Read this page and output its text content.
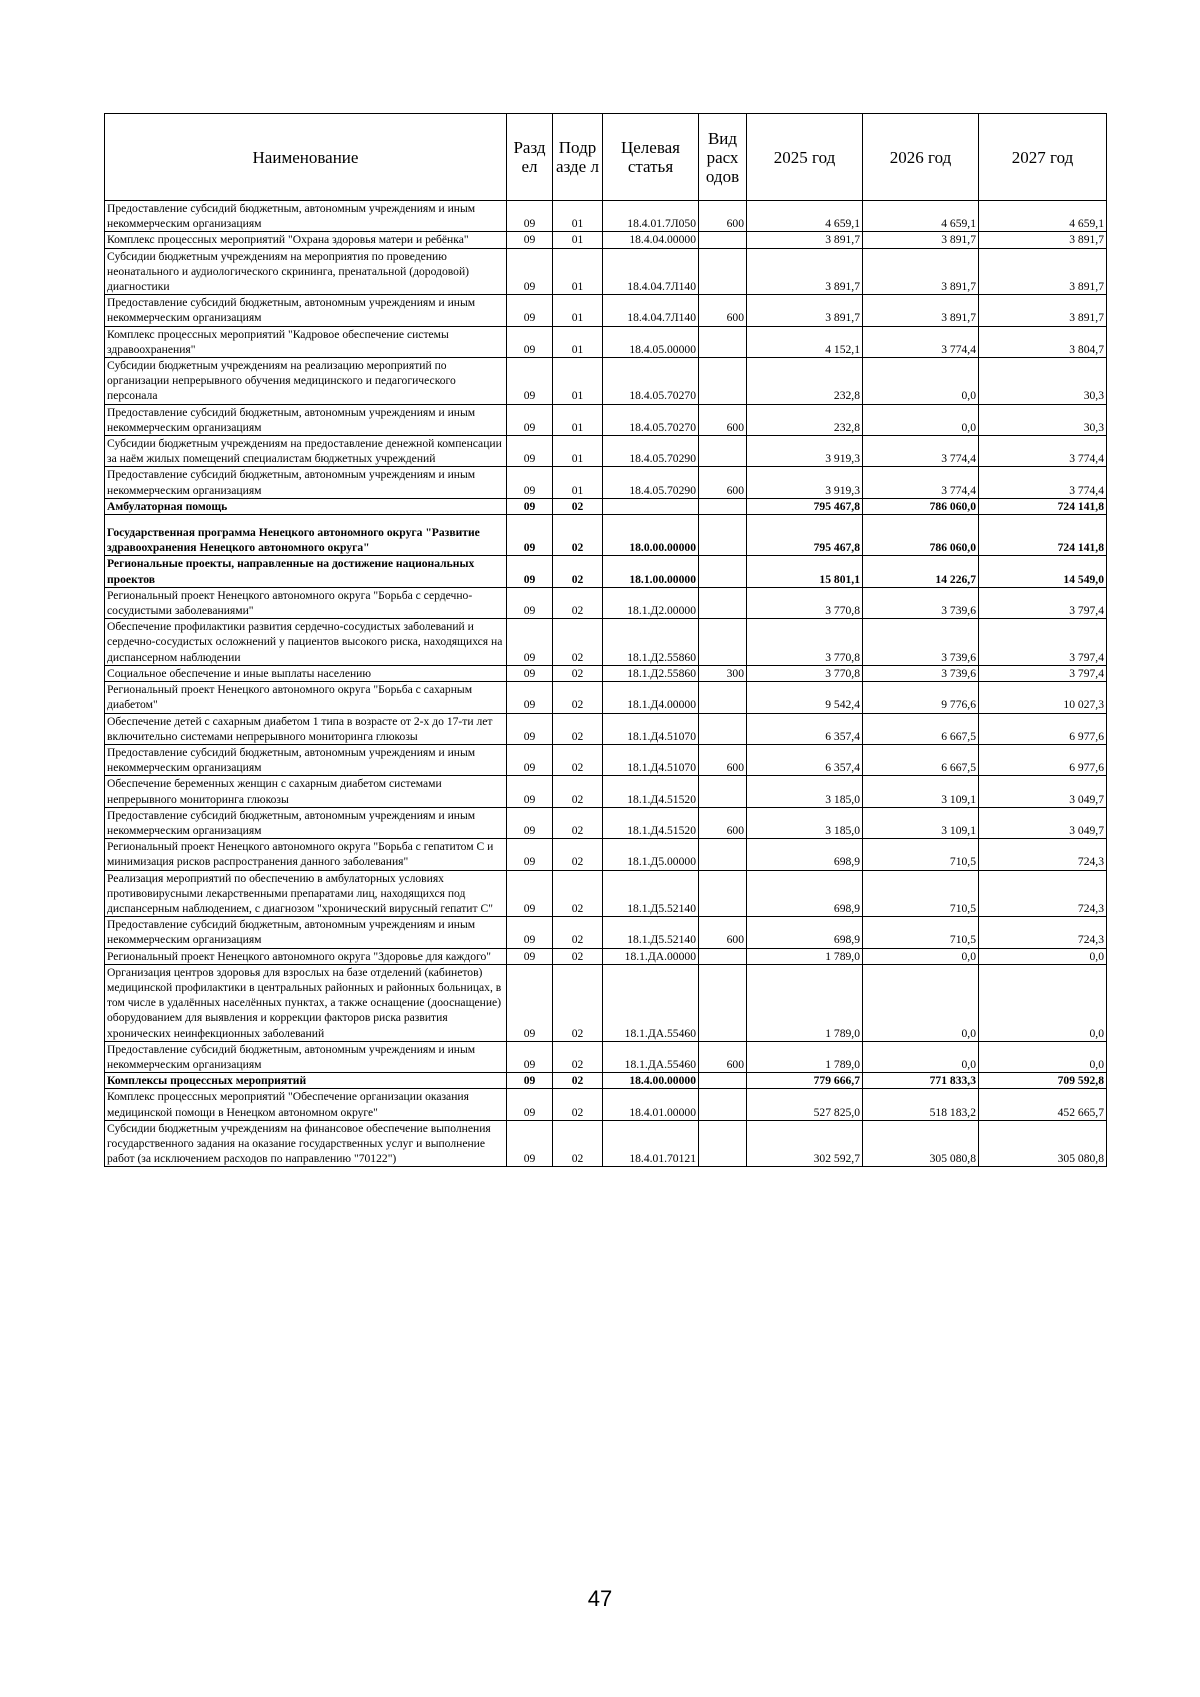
Наименование	Разд ел	Подр азде л	Целевая статья	Вид расх одов	2025 год	2026 год	2027 год
Предоставление субсидий бюджетным, автономным учреждениям и иным некоммерческим организациям	09	01	18.4.01.7Л050	600	4 659,1	4 659,1	4 659,1
Комплекс процессных мероприятий "Охрана здоровья матери и ребёнка"	09	01	18.4.04.00000		3 891,7	3 891,7	3 891,7
Субсидии бюджетным учреждениям на мероприятия по проведению неонатального и аудиологического скрининга, пренатальной (дородовой) диагностики	09	01	18.4.04.7Л140		3 891,7	3 891,7	3 891,7
Предоставление субсидий бюджетным, автономным учреждениям и иным некоммерческим организациям	09	01	18.4.04.7Л140	600	3 891,7	3 891,7	3 891,7
Комплекс процессных мероприятий "Кадровое обеспечение системы здравоохранения"	09	01	18.4.05.00000		4 152,1	3 774,4	3 804,7
Субсидии бюджетным учреждениям на реализацию мероприятий по организации непрерывного обучения медицинского и педагогического персонала	09	01	18.4.05.70270		232,8	0,0	30,3
Предоставление субсидий бюджетным, автономным учреждениям и иным некоммерческим организациям	09	01	18.4.05.70270	600	232,8	0,0	30,3
Субсидии бюджетным учреждениям на предоставление денежной компенсации за наём жилых помещений специалистам бюджетных учреждений	09	01	18.4.05.70290		3 919,3	3 774,4	3 774,4
Предоставление субсидий бюджетным, автономным учреждениям и иным некоммерческим организациям	09	01	18.4.05.70290	600	3 919,3	3 774,4	3 774,4
Амбулаторная помощь	09	02			795 467,8	786 060,0	724 141,8
Государственная программа Ненецкого автономного округа "Развитие здравоохранения Ненецкого автономного округа"	09	02	18.0.00.00000		795 467,8	786 060,0	724 141,8
Региональные проекты, направленные на достижение национальных проектов	09	02	18.1.00.00000		15 801,1	14 226,7	14 549,0
Региональный проект Ненецкого автономного округа "Борьба с сердечно-сосудистыми заболеваниями"	09	02	18.1.Д2.00000		3 770,8	3 739,6	3 797,4
Обеспечение профилактики развития сердечно-сосудистых заболеваний и сердечно-сосудистых осложнений у пациентов высокого риска, находящихся на диспансерном наблюдении	09	02	18.1.Д2.55860		3 770,8	3 739,6	3 797,4
Социальное обеспечение и иные выплаты населению	09	02	18.1.Д2.55860	300	3 770,8	3 739,6	3 797,4
Региональный проект Ненецкого автономного округа "Борьба с сахарным диабетом"	09	02	18.1.Д4.00000		9 542,4	9 776,6	10 027,3
Обеспечение детей с сахарным диабетом 1 типа в возрасте от 2-х до 17-ти лет включительно системами непрерывного мониторинга глюкозы	09	02	18.1.Д4.51070		6 357,4	6 667,5	6 977,6
Предоставление субсидий бюджетным, автономным учреждениям и иным некоммерческим организациям	09	02	18.1.Д4.51070	600	6 357,4	6 667,5	6 977,6
Обеспечение беременных женщин с сахарным диабетом системами непрерывного мониторинга глюкозы	09	02	18.1.Д4.51520		3 185,0	3 109,1	3 049,7
Предоставление субсидий бюджетным, автономным учреждениям и иным некоммерческим организациям	09	02	18.1.Д4.51520	600	3 185,0	3 109,1	3 049,7
Региональный проект Ненецкого автономного округа "Борьба с гепатитом С и минимизация рисков распространения данного заболевания"	09	02	18.1.Д5.00000		698,9	710,5	724,3
Реализация мероприятий по обеспечению в амбулаторных условиях противовирусными лекарственными препаратами лиц, находящихся под диспансерным наблюдением, с диагнозом "хронический вирусный гепатит С"	09	02	18.1.Д5.52140		698,9	710,5	724,3
Предоставление субсидий бюджетным, автономным учреждениям и иным некоммерческим организациям	09	02	18.1.Д5.52140	600	698,9	710,5	724,3
Региональный проект Ненецкого автономного округа "Здоровье для каждого"	09	02	18.1.ДА.00000		1 789,0	0,0	0,0
Организация центров здоровья для взрослых на базе отделений (кабинетов) медицинской профилактики в центральных районных и районных больницах, в том числе в удалённых населённых пунктах, а также оснащение (дооснащение) оборудованием для выявления и коррекции факторов риска развития хронических неинфекционных заболеваний	09	02	18.1.ДА.55460		1 789,0	0,0	0,0
Предоставление субсидий бюджетным, автономным учреждениям и иным некоммерческим организациям	09	02	18.1.ДА.55460	600	1 789,0	0,0	0,0
Комплексы процессных мероприятий	09	02	18.4.00.00000		779 666,7	771 833,3	709 592,8
Комплекс процессных мероприятий "Обеспечение организации оказания медицинской помощи в Ненецком автономном округе"	09	02	18.4.01.00000		527 825,0	518 183,2	452 665,7
Субсидии бюджетным учреждениям на финансовое обеспечение выполнения государственного задания на оказание государственных услуг и выполнение работ (за исключением расходов по направлению "70122")	09	02	18.4.01.70121		302 592,7	305 080,8	305 080,8
47
